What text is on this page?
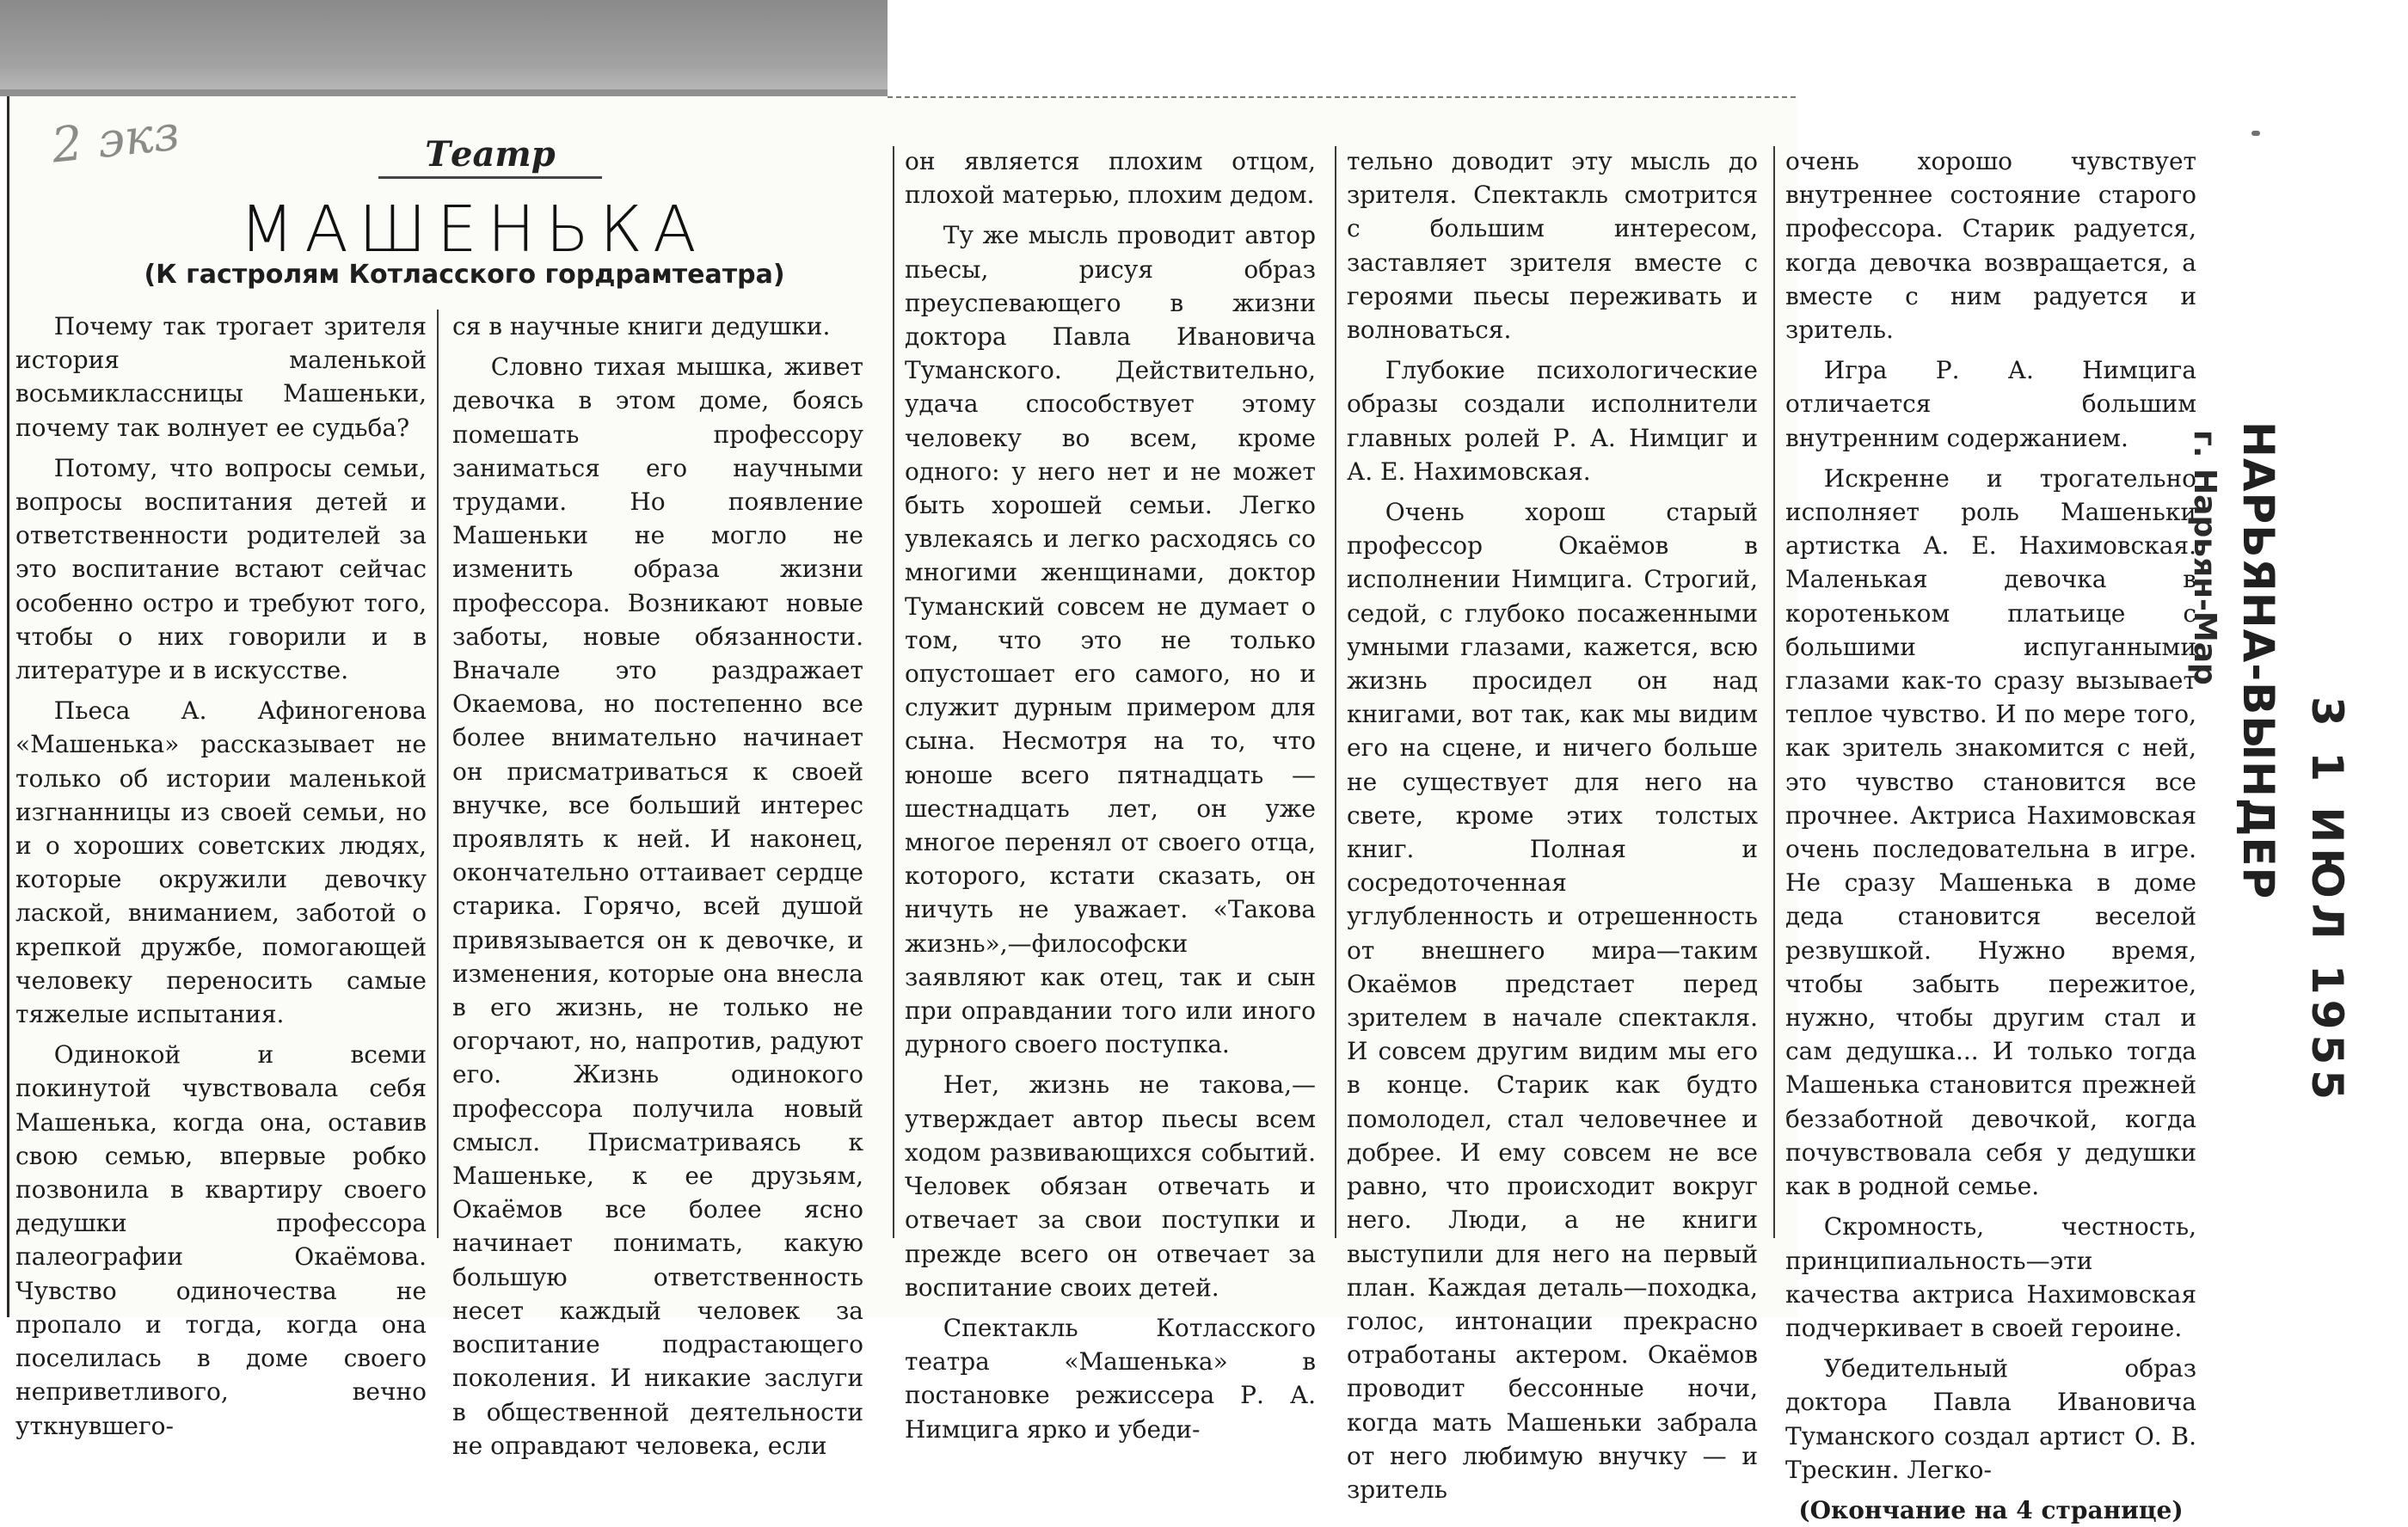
2 экз	Театр
МАШЕНЬКА
(К гастролям Котласского гордрамтеатра)

Почему так трогает зрителя история маленькой восьмиклассницы Машеньки, почему так волнует ее судьба?

Потому, что вопросы семьи, вопросы воспитания детей и ответственности родителей за это воспитание встают сейчас особенно остро и требуют того, чтобы о них говорили и в литературе и в искусстве.

Пьеса А. Афиногенова «Машенька» рассказывает не только об истории маленькой изгнанницы из своей семьи, но и о хороших советских людях, которые окружили девочку лаской, вниманием, заботой о крепкой дружбе, помогающей человеку переносить самые тяжелые испытания.

Одинокой и всеми покинутой чувствовала себя Машенька, когда она, оставив свою семью, впервые робко позвонила в квартиру своего дедушки профессора палеографии Окаёмова. Чувство одиночества не пропало и тогда, когда она поселилась в доме своего неприветливого, вечно уткнувшего-

ся в научные книги дедушки.

Словно тихая мышка, живет девочка в этом доме, боясь помешать профессору заниматься его научными трудами. Но появление Машеньки не могло не изменить образа жизни профессора. Возникают новые заботы, новые обязанности. Вначале это раздражает Окаемова, но постепенно все более внимательно начинает он присматриваться к своей внучке, все больший интерес проявлять к ней. И наконец, окончательно оттаивает сердце старика. Горячо, всей душой привязывается он к девочке, и изменения, которые она внесла в его жизнь, не только не огорчают, но, напротив, радуют его. Жизнь одинокого профессора получила новый смысл. Присматриваясь к Машеньке, к ее друзьям, Окаёмов все более ясно начинает понимать, какую большую ответственность несет каждый человек за воспитание подрастающего поколения. И никакие заслуги в общественной деятельности не оправдают человека, если

он является плохим отцом, плохой матерью, плохим дедом.

Ту же мысль проводит автор пьесы, рисуя образ преуспевающего в жизни доктора Павла Ивановича Туманского. Действительно, удача способствует этому человеку во всем, кроме одного: у него нет и не может быть хорошей семьи. Легко увлекаясь и легко расходясь со многими женщинами, доктор Туманский совсем не думает о том, что это не только опустошает его самого, но и служит дурным примером для сына. Несмотря на то, что юноше всего пятнадцать — шестнадцать лет, он уже многое перенял от своего отца, которого, кстати сказать, он ничуть не уважает. «Такова жизнь»,—философски заявляют как отец, так и сын при оправдании того или иного дурного своего поступка.

Нет, жизнь не такова,—утверждает автор пьесы всем ходом развивающихся событий. Человек обязан отвечать и отвечает за свои поступки и прежде всего он отвечает за воспитание своих детей.

Спектакль Котласского театра «Машенька» в постановке режиссера Р. А. Нимцига ярко и убеди-

тельно доводит эту мысль до зрителя. Спектакль смотрится с большим интересом, заставляет зрителя вместе с героями пьесы переживать и волноваться.

Глубокие психологические образы создали исполнители главных ролей Р. А. Нимциг и А. Е. Нахимовская.

Очень хорош старый профессор Окаёмов в исполнении Нимцига. Строгий, седой, с глубоко посаженными умными глазами, кажется, всю жизнь просидел он над книгами, вот так, как мы видим его на сцене, и ничего больше не существует для него на свете, кроме этих толстых книг. Полная и сосредоточенная углубленность и отрешенность от внешнего мира—таким Окаёмов предстает перед зрителем в начале спектакля. И совсем другим видим мы его в конце. Старик как будто помолодел, стал человечнее и добрее. И ему совсем не все равно, что происходит вокруг него. Люди, а не книги выступили для него на первый план. Каждая деталь—походка, голос, интонации прекрасно отработаны актером. Окаёмов проводит бессонные ночи, когда мать Машеньки забрала от него любимую внучку — и зритель

очень хорошо чувствует внутреннее состояние старого профессора. Старик радуется, когда девочка возвращается, а вместе с ним радуется и зритель.

Игра Р. А. Нимцига отличается большим внутренним содержанием.

Искренне и трогательно исполняет роль Машеньки артистка А. Е. Нахимовская. Маленькая девочка в коротеньком платьице с большими испуганными глазами как-то сразу вызывает теплое чувство. И по мере того, как зритель знакомится с ней, это чувство становится все прочнее. Актриса Нахимовская очень последовательна в игре. Не сразу Машенька в доме деда становится веселой резвушкой. Нужно время, чтобы забыть пережитое, нужно, чтобы другим стал и сам дедушка... И только тогда Машенька становится прежней беззаботной девочкой, когда почувствовала себя у дедушки как в родной семье.

Скромность, честность, принципиальность—эти качества актриса Нахимовская подчеркивает в своей героине.

Убедительный образ доктора Павла Ивановича Туманского создал артист О. В. Трескин. Легко-

(Окончание на 4 странице)

НАРЬЯНА-ВЫНДЕР
г. Нарьян-Мар
3 1 ИЮЛ 1955
